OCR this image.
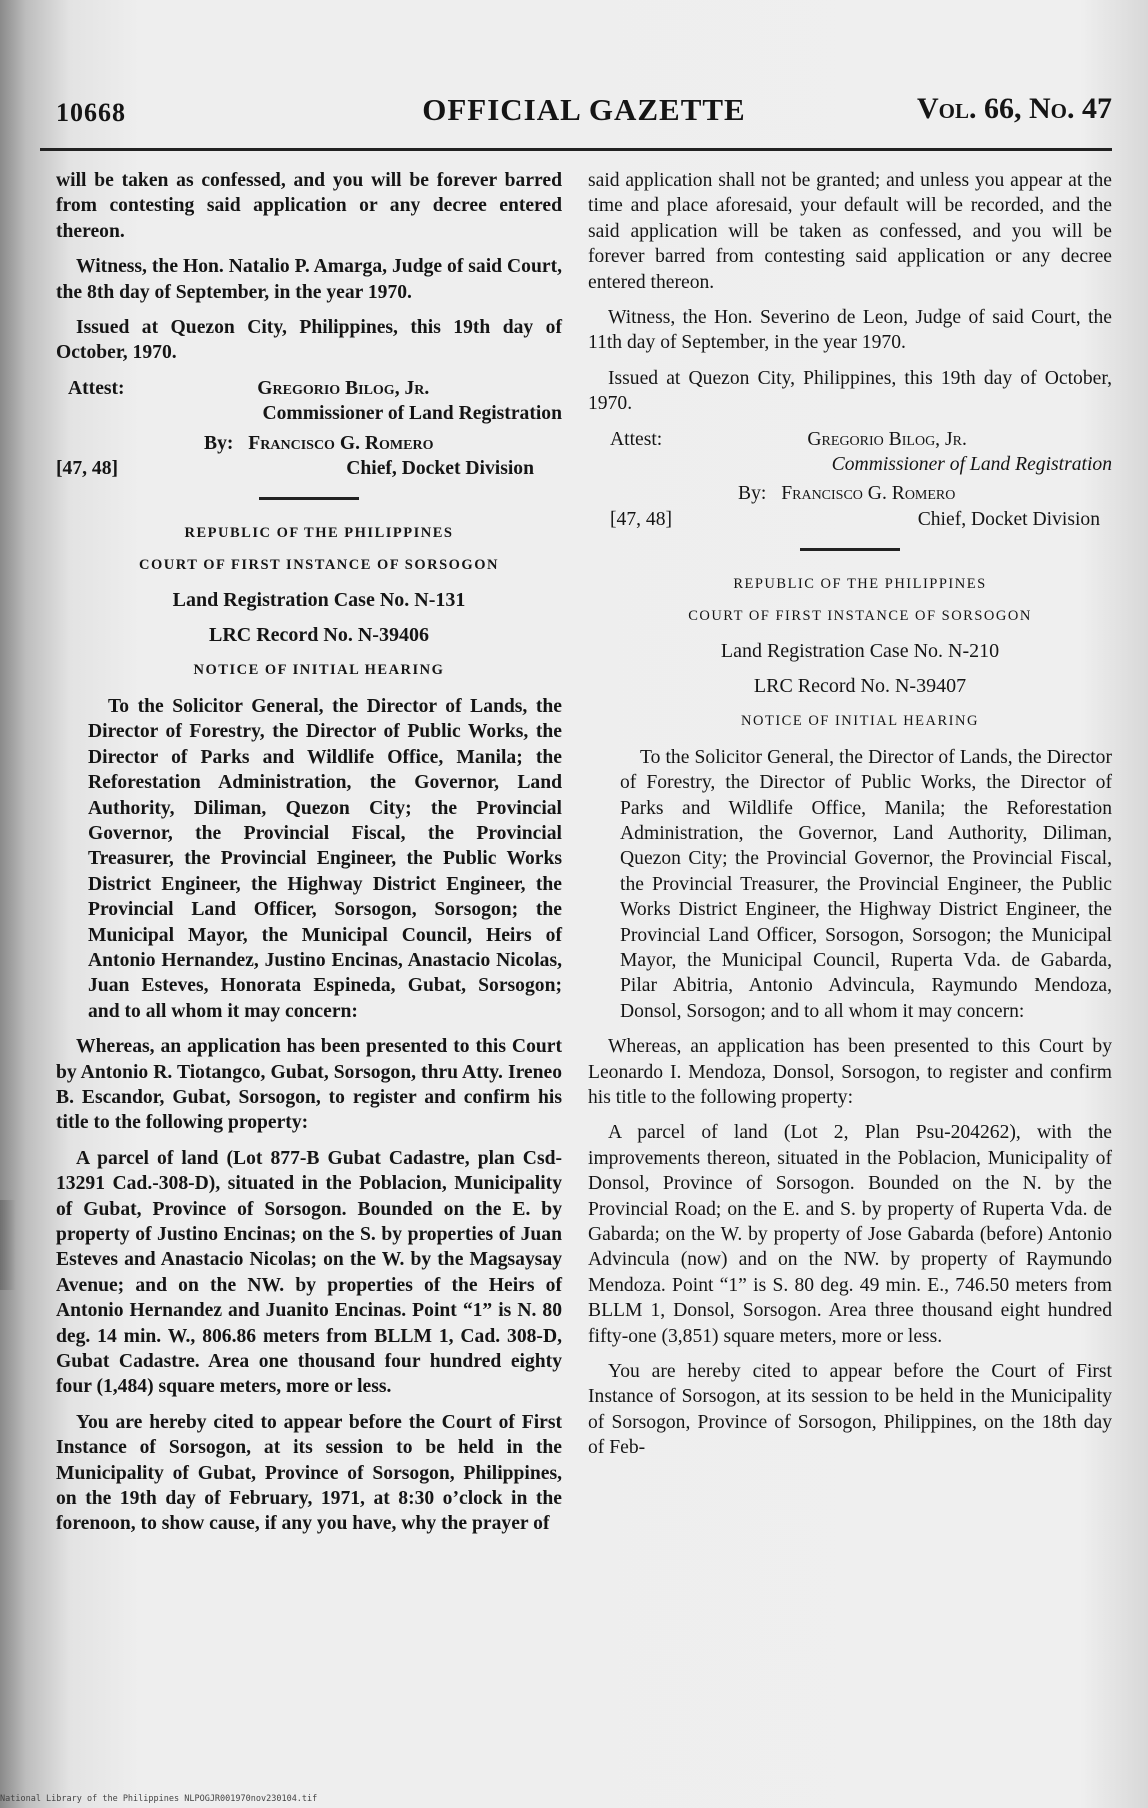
10668	OFFICIAL GAZETTE	Vol. 66, No. 47

will be taken as confessed, and you will be forever barred from contesting said application or any decree entered thereon.

Witness, the Hon. Natalio P. Amarga, Judge of said Court, the 8th day of September, in the year 1970.

Issued at Quezon City, Philippines, this 19th day of October, 1970.

Attest:	Gregorio Bilog, Jr.
Commissioner of Land Registration
By: Francisco G. Romero
[47, 48]	Chief, Docket Division

REPUBLIC OF THE PHILIPPINES

COURT OF FIRST INSTANCE OF SORSOGON

Land Registration Case No. N-131

LRC Record No. N-39406

NOTICE OF INITIAL HEARING

To the Solicitor General, the Director of Lands, the Director of Forestry, the Director of Public Works, the Director of Parks and Wildlife Office, Manila; the Reforestation Administration, the Governor, Land Authority, Diliman, Quezon City; the Provincial Governor, the Provincial Fiscal, the Provincial Treasurer, the Provincial Engineer, the Public Works District Engineer, the Highway District Engineer, the Provincial Land Officer, Sorsogon, Sorsogon; the Municipal Mayor, the Municipal Council, Heirs of Antonio Hernandez, Justino Encinas, Anastacio Nicolas, Juan Esteves, Honorata Espineda, Gubat, Sorsogon; and to all whom it may concern:

Whereas, an application has been presented to this Court by Antonio R. Tiotangco, Gubat, Sorsogon, thru Atty. Ireneo B. Escandor, Gubat, Sorsogon, to register and confirm his title to the following property:

A parcel of land (Lot 877-B Gubat Cadastre, plan Csd-13291 Cad.-308-D), situated in the Poblacion, Municipality of Gubat, Province of Sorsogon. Bounded on the E. by property of Justino Encinas; on the S. by properties of Juan Esteves and Anastacio Nicolas; on the W. by the Magsaysay Avenue; and on the NW. by properties of the Heirs of Antonio Hernandez and Juanito Encinas. Point “1” is N. 80 deg. 14 min. W., 806.86 meters from BLLM 1, Cad. 308-D, Gubat Cadastre. Area one thousand four hundred eighty four (1,484) square meters, more or less.

You are hereby cited to appear before the Court of First Instance of Sorsogon, at its session to be held in the Municipality of Gubat, Province of Sorsogon, Philippines, on the 19th day of February, 1971, at 8:30 o’clock in the forenoon, to show cause, if any you have, why the prayer of

said application shall not be granted; and unless you appear at the time and place aforesaid, your default will be recorded, and the said application will be taken as confessed, and you will be forever barred from contesting said application or any decree entered thereon.

Witness, the Hon. Severino de Leon, Judge of said Court, the 11th day of September, in the year 1970.

Issued at Quezon City, Philippines, this 19th day of October, 1970.

Attest:	Gregorio Bilog, Jr.
Commissioner of Land Registration
By: Francisco G. Romero
[47, 48]	Chief, Docket Division

REPUBLIC OF THE PHILIPPINES

COURT OF FIRST INSTANCE OF SORSOGON

Land Registration Case No. N-210

LRC Record No. N-39407

NOTICE OF INITIAL HEARING

To the Solicitor General, the Director of Lands, the Director of Forestry, the Director of Public Works, the Director of Parks and Wildlife Office, Manila; the Reforestation Administration, the Governor, Land Authority, Diliman, Quezon City; the Provincial Governor, the Provincial Fiscal, the Provincial Treasurer, the Provincial Engineer, the Public Works District Engineer, the Highway District Engineer, the Provincial Land Officer, Sorsogon, Sorsogon; the Municipal Mayor, the Municipal Council, Ruperta Vda. de Gabarda, Pilar Abitria, Antonio Advincula, Raymundo Mendoza, Donsol, Sorsogon; and to all whom it may concern:

Whereas, an application has been presented to this Court by Leonardo I. Mendoza, Donsol, Sorsogon, to register and confirm his title to the following property:

A parcel of land (Lot 2, Plan Psu-204262), with the improvements thereon, situated in the Poblacion, Municipality of Donsol, Province of Sorsogon. Bounded on the N. by the Provincial Road; on the E. and S. by property of Ruperta Vda. de Gabarda; on the W. by property of Jose Gabarda (before) Antonio Advincula (now) and on the NW. by property of Raymundo Mendoza. Point “1” is S. 80 deg. 49 min. E., 746.50 meters from BLLM 1, Donsol, Sorsogon. Area three thousand eight hundred fifty-one (3,851) square meters, more or less.

You are hereby cited to appear before the Court of First Instance of Sorsogon, at its session to be held in the Municipality of Sorsogon, Province of Sorsogon, Philippines, on the 18th day of Feb-

National Library of the Philippines NLPOGJR001970nov230104.tif
